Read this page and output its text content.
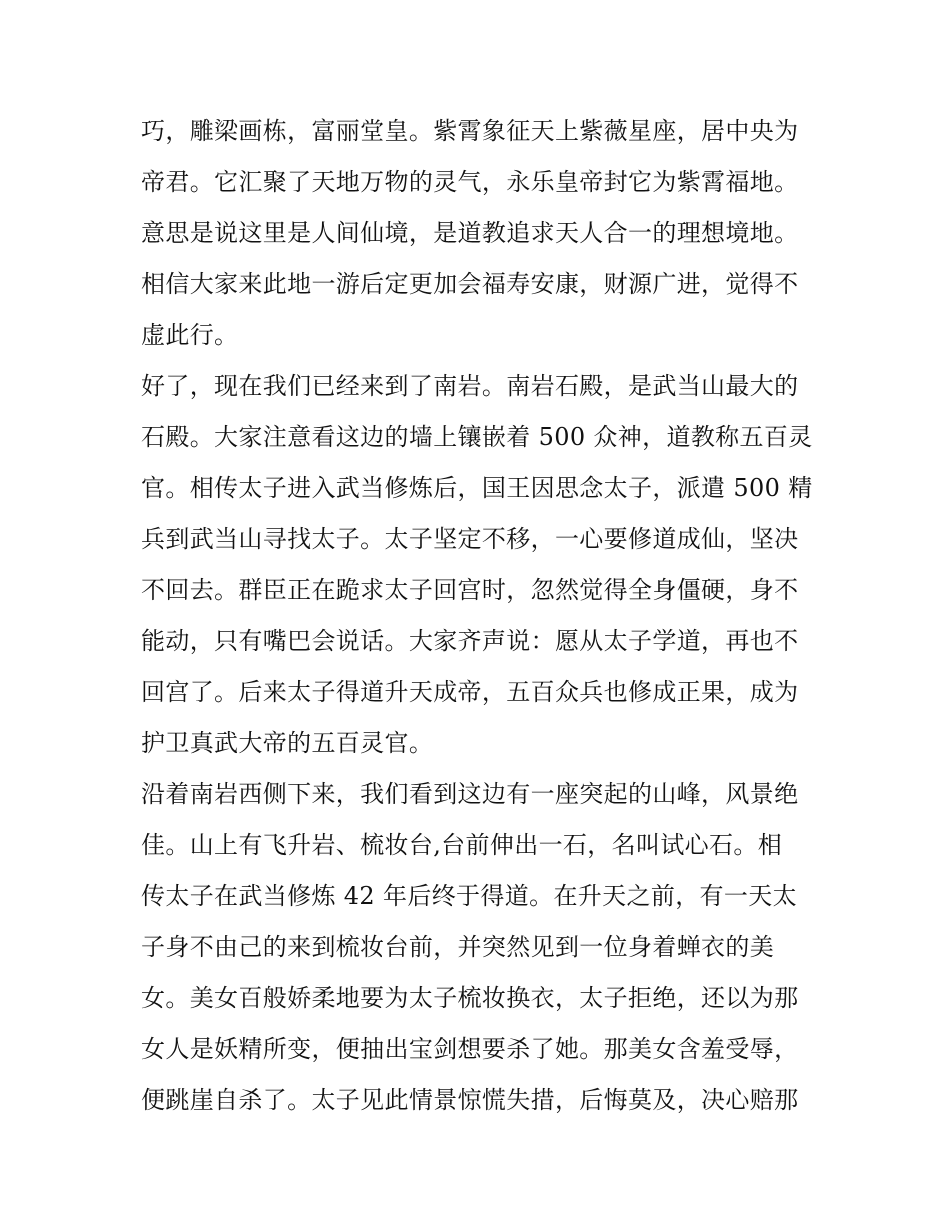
巧，雕梁画栋，富丽堂皇。紫霄象征天上紫薇星座，居中央为
帝君。它汇聚了天地万物的灵气，永乐皇帝封它为紫霄福地。
意思是说这里是人间仙境，是道教追求天人合一的理想境地。
相信大家来此地一游后定更加会福寿安康，财源广进，觉得不
虚此行。
好了，现在我们已经来到了南岩。南岩石殿，是武当山最大的
石殿。大家注意看这边的墙上镶嵌着 500 众神，道教称五百灵
官。相传太子进入武当修炼后，国王因思念太子，派遣 500 精
兵到武当山寻找太子。太子坚定不移，一心要修道成仙，坚决
不回去。群臣正在跪求太子回宫时，忽然觉得全身僵硬，身不
能动，只有嘴巴会说话。大家齐声说：愿从太子学道，再也不
回宫了。后来太子得道升天成帝，五百众兵也修成正果，成为
护卫真武大帝的五百灵官。
沿着南岩西侧下来，我们看到这边有一座突起的山峰，风景绝
佳。山上有飞升岩、梳妆台,台前伸出一石，名叫试心石。相
传太子在武当修炼 42 年后终于得道。在升天之前，有一天太
子身不由己的来到梳妆台前，并突然见到一位身着蝉衣的美
女。美女百般娇柔地要为太子梳妆换衣，太子拒绝，还以为那
女人是妖精所变，便抽出宝剑想要杀了她。那美女含羞受辱，
便跳崖自杀了。太子见此情景惊慌失措，后悔莫及，决心赔那
